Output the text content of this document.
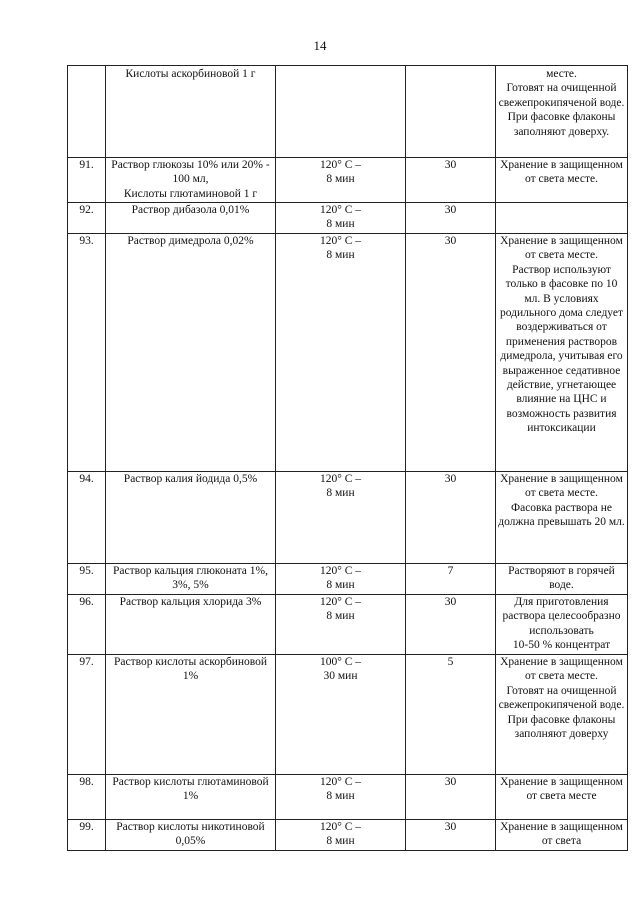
14
	Кислоты аскорбиновой 1 г			месте.
Готовят на очищенной свежепрокипяченой воде. При фасовке флаконы заполняют доверху.
91.	Раствор глюкозы 10% или 20% - 100 мл,
Кислоты глютаминовой 1 г	120° С –
8 мин	30	Хранение в защищенном от света месте.
92.	Раствор дибазола 0,01%	120° С –
8 мин	30	
93.	Раствор димедрола 0,02%	120° С –
8 мин	30	Хранение в защищенном от света месте.
Раствор используют только в фасовке по 10 мл. В условиях родильного дома следует воздерживаться от применения растворов димедрола, учитывая его выраженное седативное действие, угнетающее влияние на ЦНС и возможность развития интоксикации
94.	Раствор калия йодида 0,5%	120° С –
8 мин	30	Хранение в защищенном от света месте.
Фасовка раствора не должна превышать 20 мл.
95.	Раствор кальция глюконата 1%, 3%, 5%	120° С –
8 мин	7	Растворяют в горячей воде.
96.	Раствор кальция хлорида 3%	120° С –
8 мин	30	Для приготовления раствора целесообразно использовать
10-50 % концентрат
97.	Раствор кислоты аскорбиновой 1%	100° С –
30 мин	5	Хранение в защищенном от света месте.
Готовят на очищенной свежепрокипяченой воде. При фасовке флаконы заполняют доверху
98.	Раствор кислоты глютаминовой 1%	120° С –
8 мин	30	Хранение в защищенном от света месте
99.	Раствор кислоты никотиновой 0,05%	120° С –
8 мин	30	Хранение в защищенном от света
